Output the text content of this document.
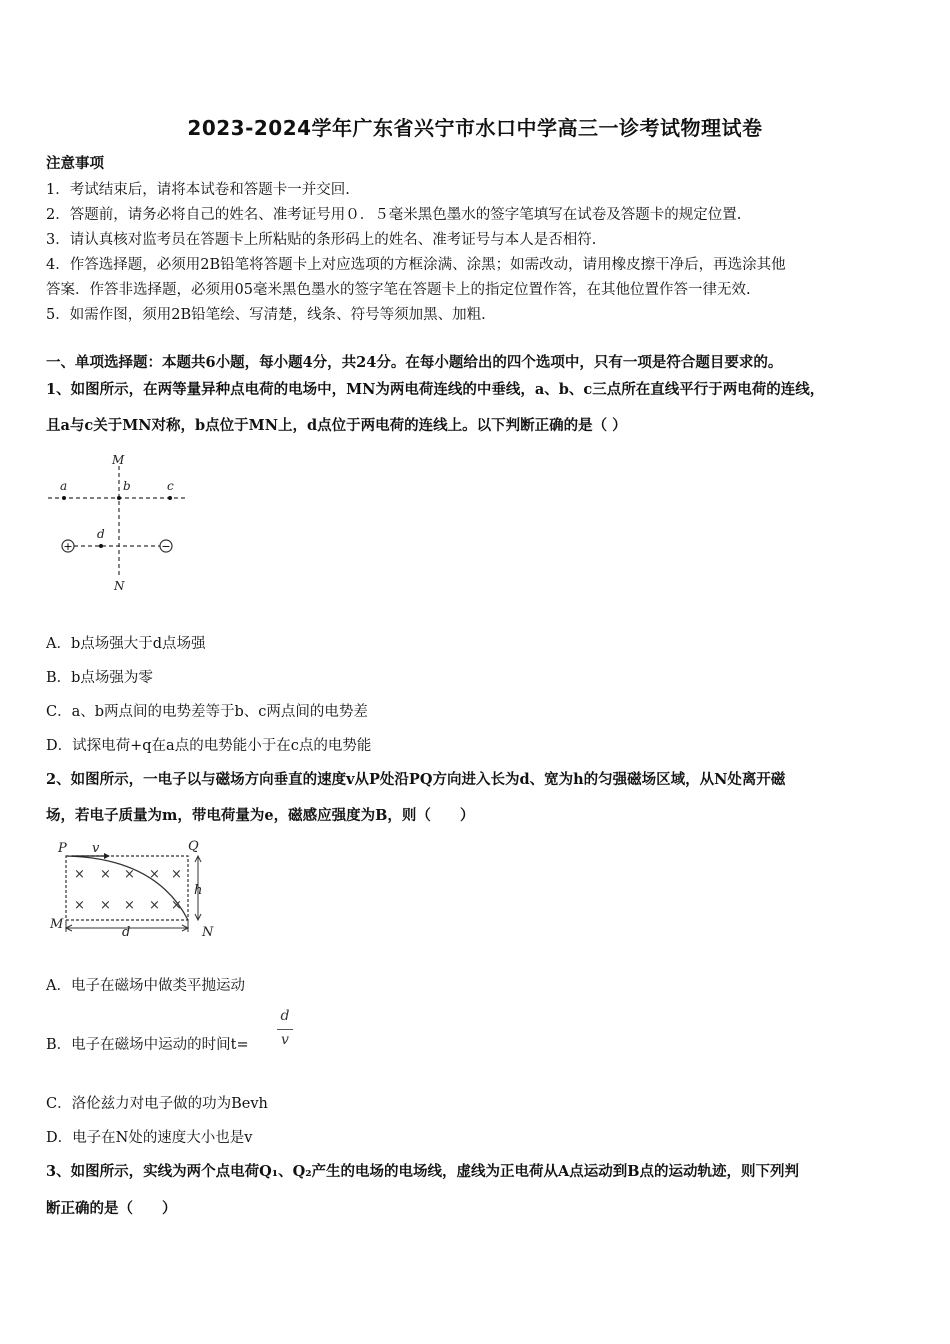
2023-2024学年广东省兴宁市水口中学高三一诊考试物理试卷
注意事项
1．考试结束后，请将本试卷和答题卡一并交回.
2．答题前，请务必将自己的姓名、准考证号用０．５毫米黑色墨水的签字笔填写在试卷及答题卡的规定位置.
3．请认真核对监考员在答题卡上所粘贴的条形码上的姓名、准考证号与本人是否相符.
4．作答选择题，必须用2B铅笔将答题卡上对应选项的方框涂满、涂黑；如需改动，请用橡皮擦干净后，再选涂其他
答案．作答非选择题，必须用05毫米黑色墨水的签字笔在答题卡上的指定位置作答，在其他位置作答一律无效.
5．如需作图，须用2B铅笔绘、写清楚，线条、符号等须加黑、加粗.
一、单项选择题：本题共6小题，每小题4分，共24分。在每小题给出的四个选项中，只有一项是符合题目要求的。
1、如图所示，在两等量异种点电荷的电场中，MN为两电荷连线的中垂线，a、b、c三点所在直线平行于两电荷的连线，
且a与c关于MN对称，b点位于MN上，d点位于两电荷的连线上。以下判断正确的是（ ）
+	−
M
N
a	b	c
d
A．b点场强大于d点场强
B．b点场强为零
C．a、b两点间的电势差等于b、c两点间的电势差
D．试探电荷+q在a点的电势能小于在c点的电势能
2、如图所示，一电子以与磁场方向垂直的速度v从P处沿PQ方向进入长为d、宽为h的匀强磁场区域，从N处离开磁
场，若电子质量为m，带电荷量为e，磁感应强度为B，则（　　）
× × × × ×
× × × × ×
P	Q
M
N
v
h
d
A．电子在磁场中做类平抛运动
B．电子在磁场中运动的时间t=
d
v
C．洛伦兹力对电子做的功为Bevh
D．电子在N处的速度大小也是v
3、如图所示，实线为两个点电荷Q₁、Q₂产生的电场的电场线，虚线为正电荷从A点运动到B点的运动轨迹，则下列判
断正确的是（　　）
